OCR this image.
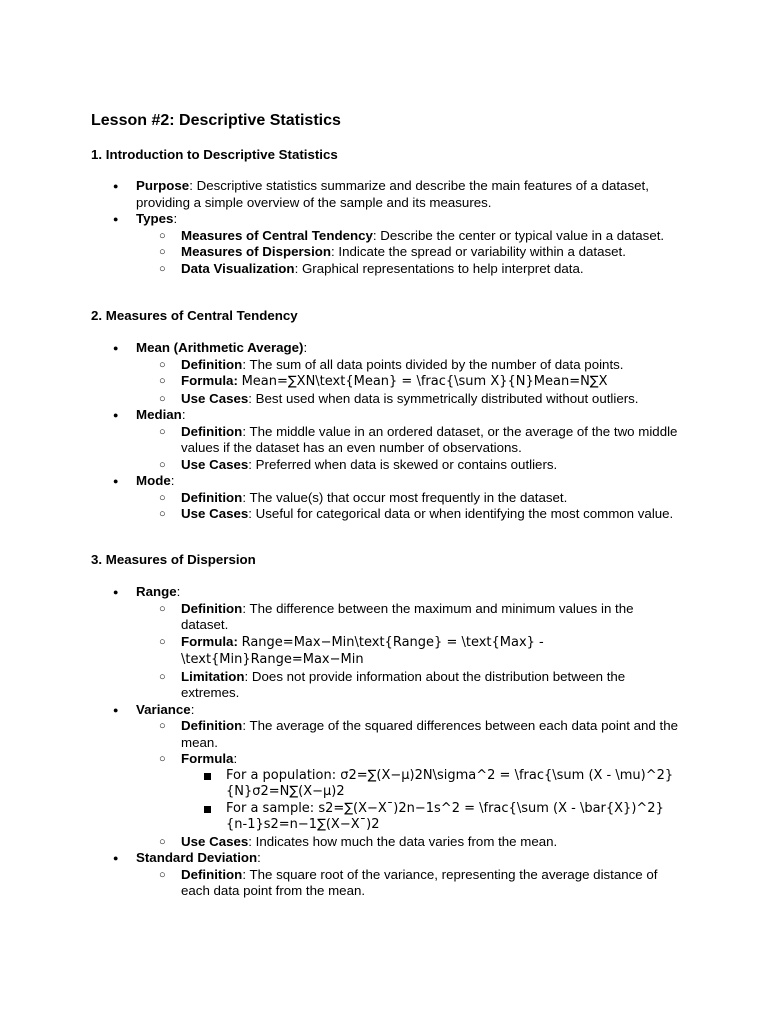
Lesson #2: Descriptive Statistics
1. Introduction to Descriptive Statistics
● Purpose: Descriptive statistics summarize and describe the main features of a dataset, providing a simple overview of the sample and its measures.
● Types:
○ Measures of Central Tendency: Describe the center or typical value in a dataset.
○ Measures of Dispersion: Indicate the spread or variability within a dataset.
○ Data Visualization: Graphical representations to help interpret data.
2. Measures of Central Tendency
● Mean (Arithmetic Average):
○ Definition: The sum of all data points divided by the number of data points.
○ Formula: Mean=∑XN\text{Mean} = \frac{\sum X}{N}Mean=N∑X
○ Use Cases: Best used when data is symmetrically distributed without outliers.
● Median:
○ Definition: The middle value in an ordered dataset, or the average of the two middle values if the dataset has an even number of observations.
○ Use Cases: Preferred when data is skewed or contains outliers.
● Mode:
○ Definition: The value(s) that occur most frequently in the dataset.
○ Use Cases: Useful for categorical data or when identifying the most common value.
3. Measures of Dispersion
● Range:
○ Definition: The difference between the maximum and minimum values in the dataset.
○ Formula: Range=Max−Min\text{Range} = \text{Max} - \text{Min}Range=Max−Min
○ Limitation: Does not provide information about the distribution between the extremes.
● Variance:
○ Definition: The average of the squared differences between each data point and the mean.
○ Formula:
For a population: σ2=∑(X−μ)2N\sigma^2 = \frac{\sum (X - \mu)^2}{N}σ2=N∑(X−μ)2
For a sample: s2=∑(X−Xˉ)2n−1s^2 = \frac{\sum (X - \bar{X})^2}{n-1}s2=n−1∑(X−Xˉ)2
○ Use Cases: Indicates how much the data varies from the mean.
● Standard Deviation:
○ Definition: The square root of the variance, representing the average distance of each data point from the mean.
